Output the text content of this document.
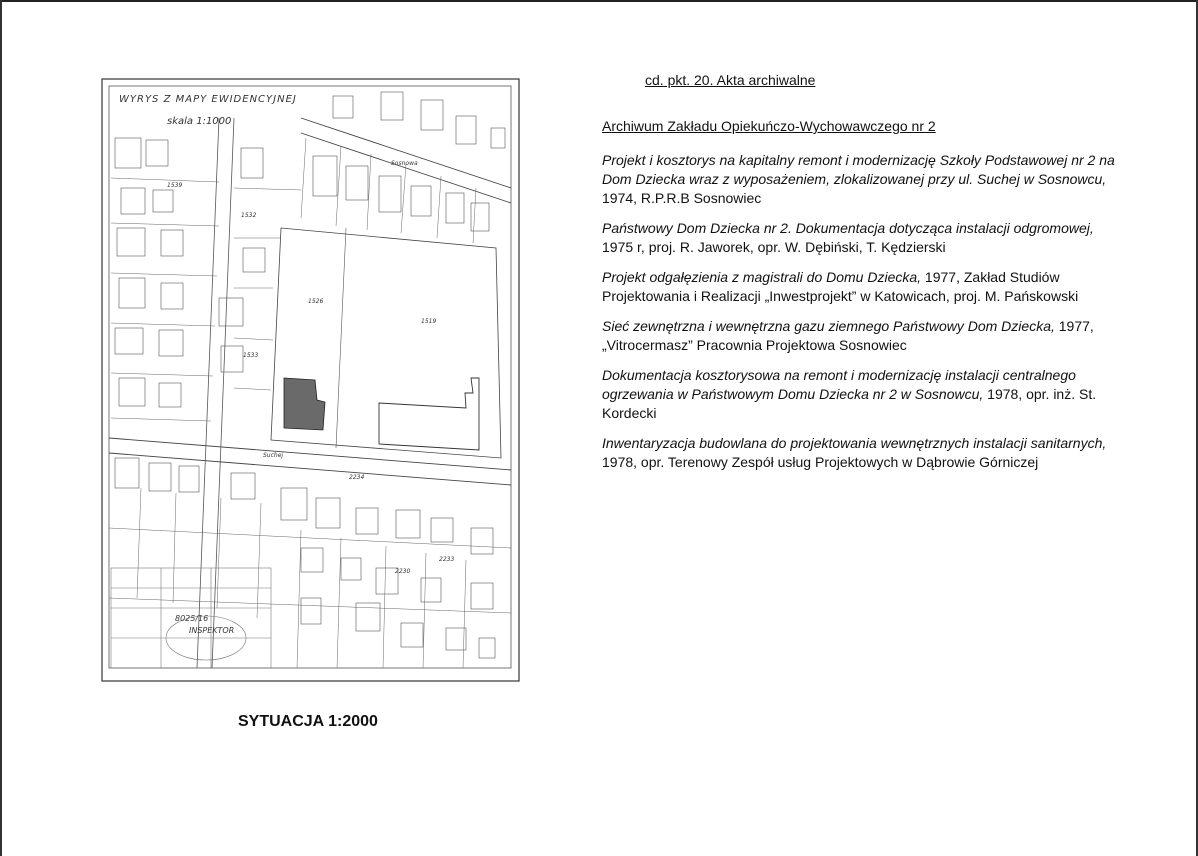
WYRYS Z MAPY EWIDENCYJNEJ
skala 1:1000
Suchej
Sosnowa
1526
1519
2234
2233
1532
1533
2230
1539
INSPEKTOR
8025/16
SYTUACJA 1:2000
cd. pkt. 20. Akta archiwalne
Archiwum Zakładu Opiekuńczo-Wychowawczego nr 2

Projekt i kosztorys na kapitalny remont i modernizację Szkoły Podstawowej nr 2 na Dom Dziecka wraz z wyposażeniem, zlokalizowanej przy ul. Suchej w Sosnowcu, 1974, R.P.R.B Sosnowiec

Państwowy Dom Dziecka nr 2. Dokumentacja dotycząca instalacji odgromowej, 1975 r, proj. R. Jaworek, opr. W. Dębiński, T. Kędzierski

Projekt odgałęzienia z magistrali do Domu Dziecka, 1977, Zakład Studiów Projektowania i Realizacji „Inwestprojekt” w Katowicach, proj. M. Pańskowski

Sieć zewnętrzna i wewnętrzna gazu ziemnego Państwowy Dom Dziecka, 1977, „Vitrocermasz” Pracownia Projektowa Sosnowiec

Dokumentacja kosztorysowa na remont i modernizację instalacji centralnego ogrzewania w Państwowym Domu Dziecka nr 2 w Sosnowcu, 1978, opr. inż. St. Kordecki

Inwentaryzacja budowlana do projektowania wewnętrznych instalacji sanitarnych, 1978, opr. Terenowy Zespół usług Projektowych w Dąbrowie Górniczej
